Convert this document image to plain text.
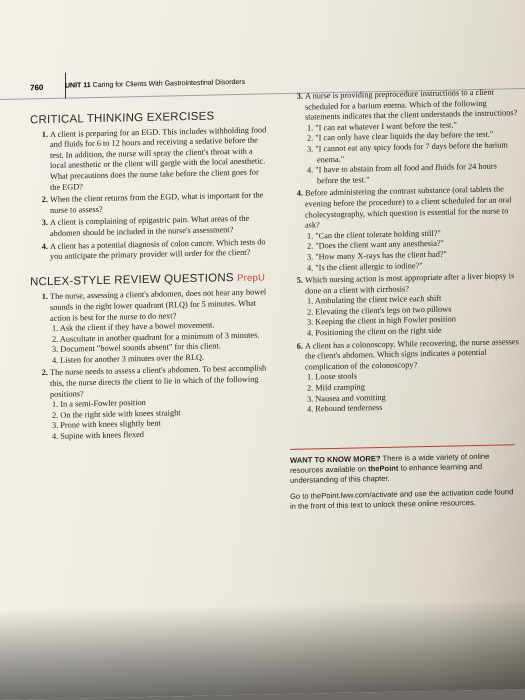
760	UNIT 11 Caring for Clients With Gastrointestinal Disorders
CRITICAL THINKING EXERCISES
1. A client is preparing for an EGD. This includes withholding food and fluids for 6 to 12 hours and receiving a sedative before the test. In addition, the nurse will spray the client's throat with a local anesthetic or the client will gargle with the local anesthetic. What precautions does the nurse take before the client goes for the EGD?
2. When the client returns from the EGD, what is important for the nurse to assess?
3. A client is complaining of epigastric pain. What areas of the abdomen should be included in the nurse's assessment?
4. A client has a potential diagnosis of colon cancer. Which tests do you anticipate the primary provider will order for the client?
NCLEX-STYLE REVIEW QUESTIONS PrepU
1. The nurse, assessing a client's abdomen, does not hear any bowel sounds in the right lower quadrant (RLQ) for 5 minutes. What action is best for the nurse to do next?
1. Ask the client if they have a bowel movement.
2. Auscultate in another quadrant for a minimum of 3 minutes.
3. Document "bowel sounds absent" for this client.
4. Listen for another 3 minutes over the RLQ.
2. The nurse needs to assess a client's abdomen. To best accomplish this, the nurse directs the client to lie in which of the following positions?
1. In a semi-Fowler position
2. On the right side with knees straight
3. Prone with knees slightly bent
4. Supine with knees flexed
3. A nurse is providing preprocedure instructions to a client scheduled for a barium enema. Which of the following statements indicates that the client understands the instructions?
1. "I can eat whatever I want before the test."
2. "I can only have clear liquids the day before the test."
3. "I cannot eat any spicy foods for 7 days before the barium enema."
4. "I have to abstain from all food and fluids for 24 hours before the test."
4. Before administering the contrast substance (oral tablets the evening before the procedure) to a client scheduled for an oral cholecystography, which question is essential for the nurse to ask?
1. "Can the client tolerate holding still?"
2. "Does the client want any anesthesia?"
3. "How many X-rays has the client had?"
4. "Is the client allergic to iodine?"
5. Which nursing action is most appropriate after a liver biopsy is done on a client with cirrhosis?
1. Ambulating the client twice each shift
2. Elevating the client's legs on two pillows
3. Keeping the client in high Fowler position
4. Positioning the client on the right side
6. A client has a colonoscopy. While recovering, the nurse assesses the client's abdomen. Which signs indicates a potential complication of the colonoscopy?
1. Loose stools
2. Mild cramping
3. Nausea and vomiting
4. Rebound tenderness

WANT TO KNOW MORE? There is a wide variety of online resources available on thePoint to enhance learning and understanding of this chapter.

Go to thePoint.lww.com/activate and use the activation code found in the front of this text to unlock these online resources.
